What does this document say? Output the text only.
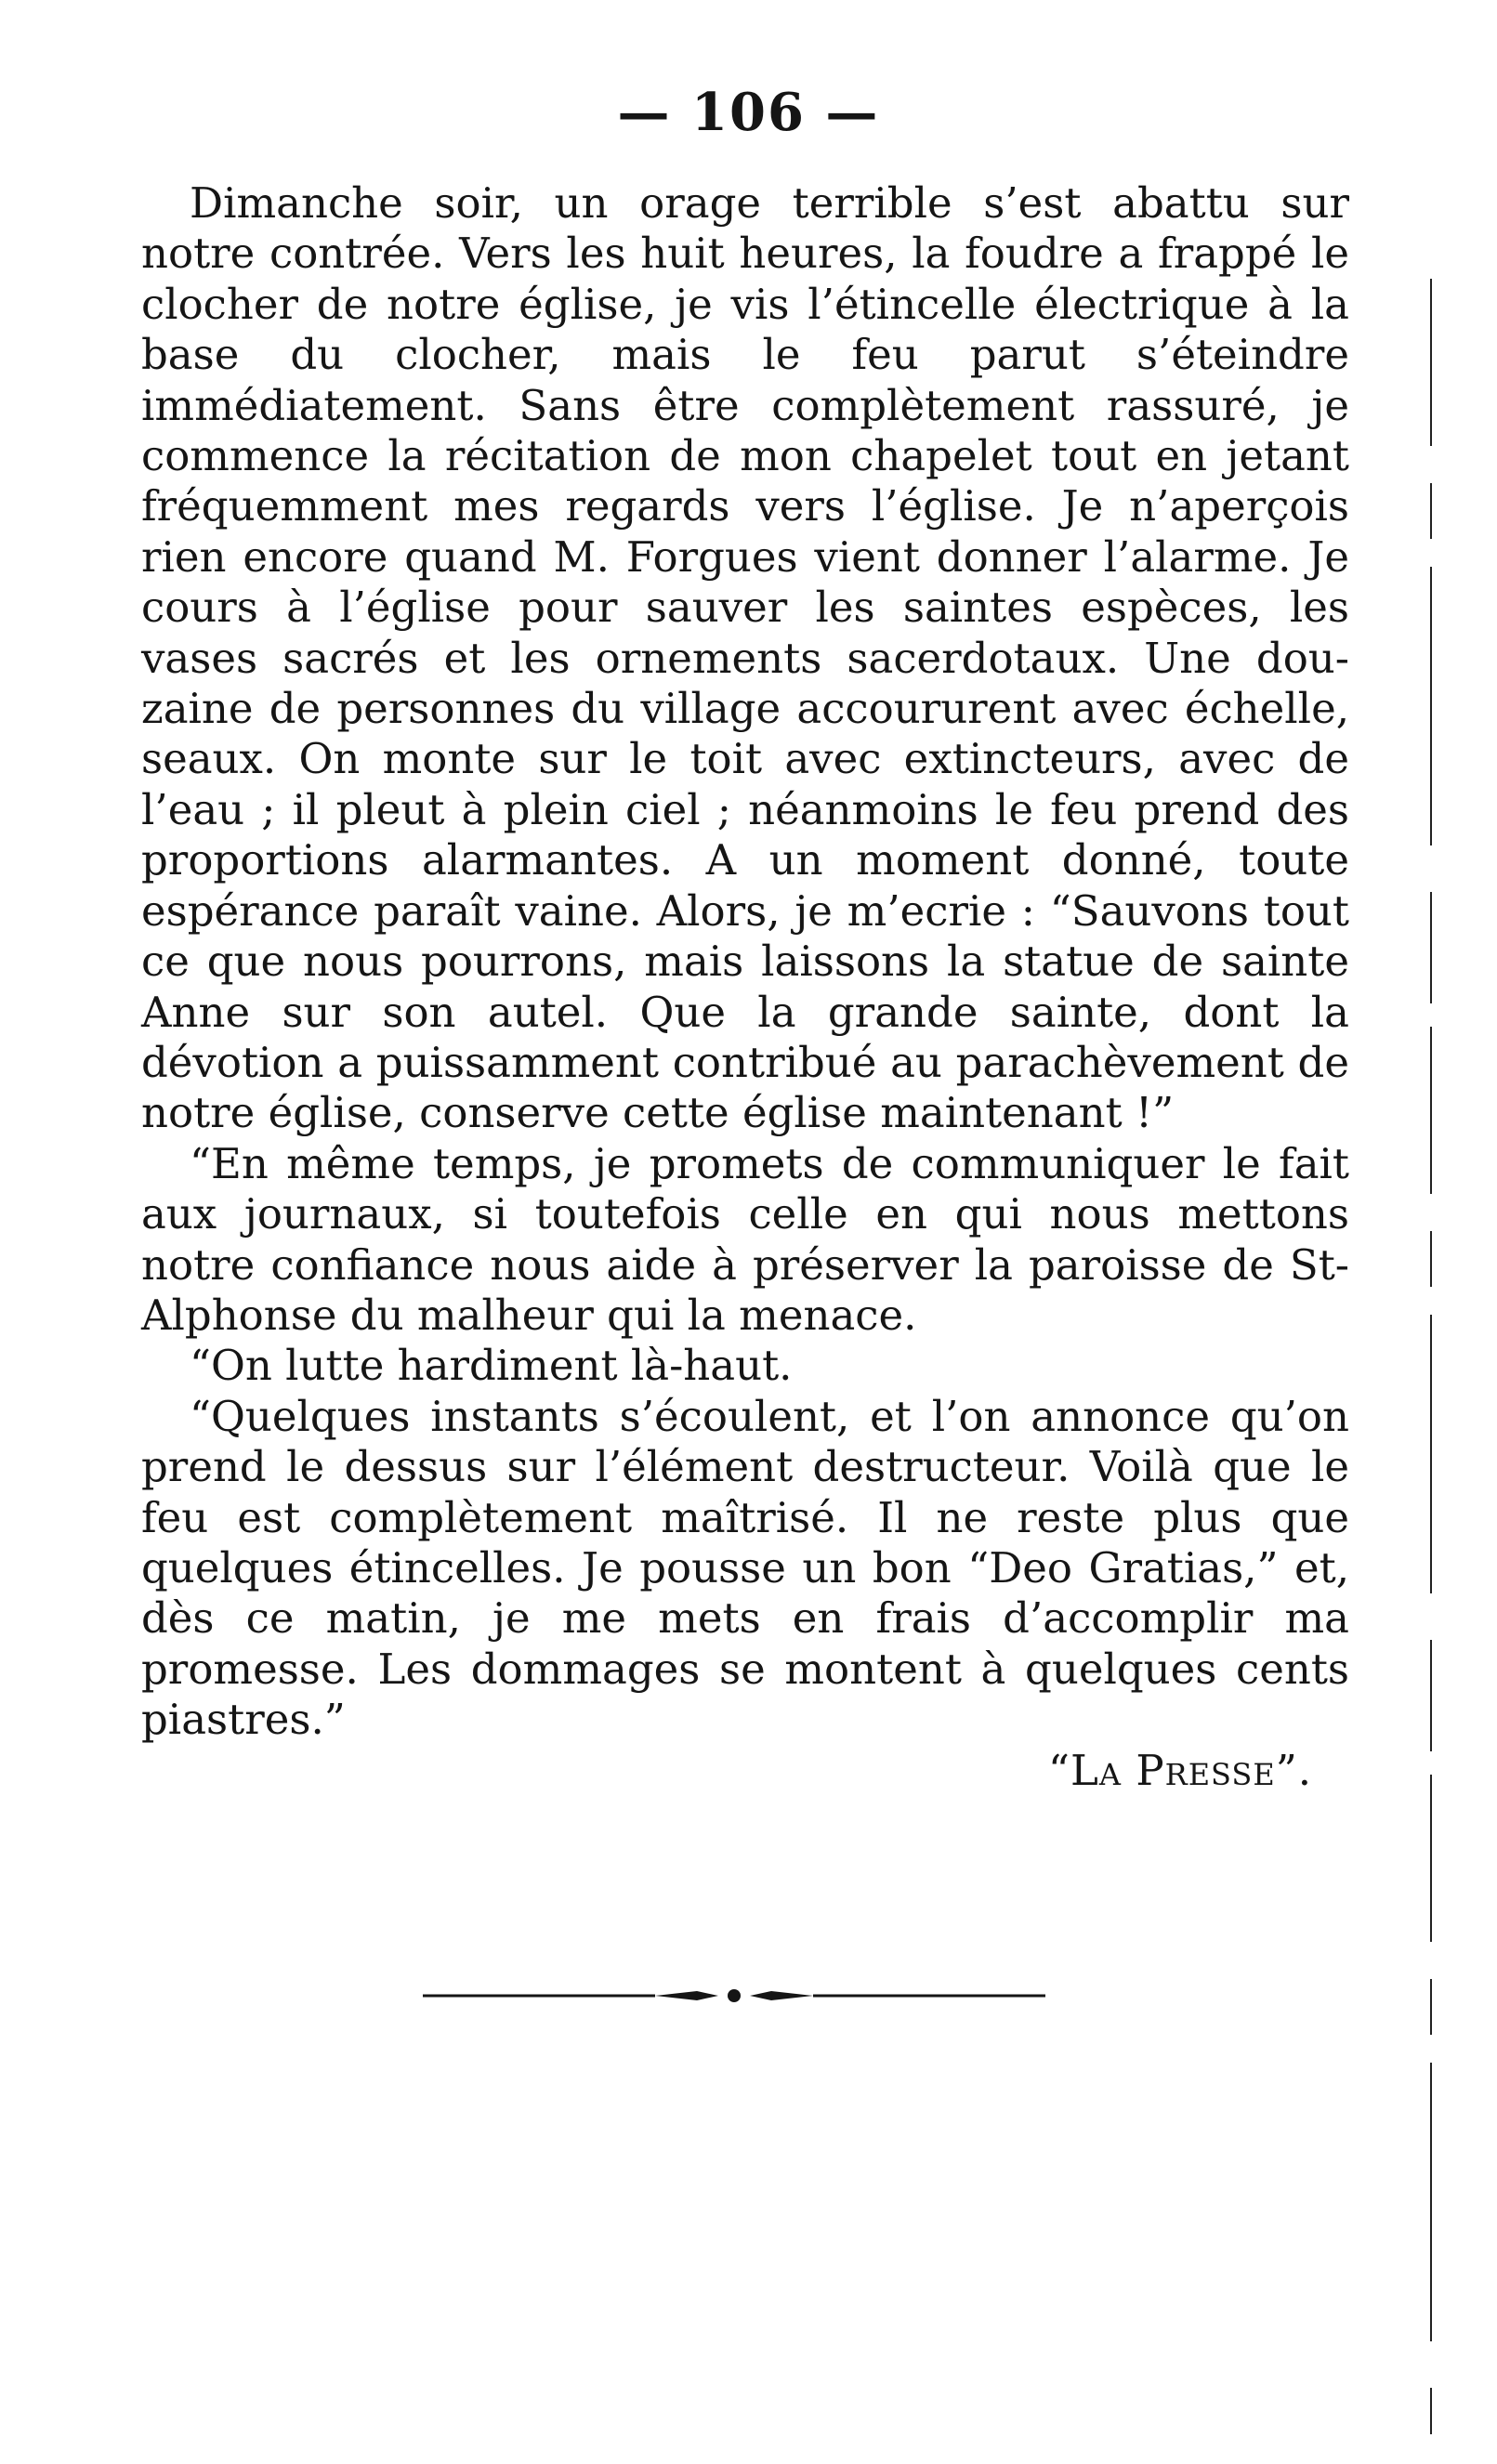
— 106 —

Dimanche soir, un orage terrible s’est abattu sur notre contrée. Vers les huit heures, la foudre a frappé le clocher de notre église, je vis l’étincelle électrique à la base du clocher, mais le feu parut s’éteindre immédiatement. Sans être complètement rassuré, je commence la récitation de mon chapelet tout en jetant fréquemment mes regards vers l’église. Je n’aperçois rien encore quand M. Forgues vient donner l’alarme. Je cours à l’église pour sauver les saintes espèces, les vases sacrés et les ornements sacerdotaux. Une douzaine de personnes du village accoururent avec échelle, seaux. On monte sur le toit avec extincteurs, avec de l’eau ; il pleut à plein ciel ; néanmoins le feu prend des proportions alarmantes. A un moment donné, toute espérance paraît vaine. Alors, je m’ecrie : “Sauvons tout ce que nous pourrons, mais laissons la statue de sainte Anne sur son autel. Que la grande sainte, dont la dévotion a puissamment contribué au parachèvement de notre église, conserve cette église maintenant !”

“En même temps, je promets de communiquer le fait aux journaux, si toutefois celle en qui nous mettons notre confiance nous aide à préserver la paroisse de St-Alphonse du malheur qui la menace.

“On lutte hardiment là-haut.

“Quelques instants s’écoulent, et l’on annonce qu’on prend le dessus sur l’élément destructeur. Voilà que le feu est complètement maîtrisé. Il ne reste plus que quelques étincelles. Je pousse un bon “Deo Gratias,” et, dès ce matin, je me mets en frais d’accomplir ma promesse. Les dommages se montent à quelques cents piastres.”

“La Presse”.
